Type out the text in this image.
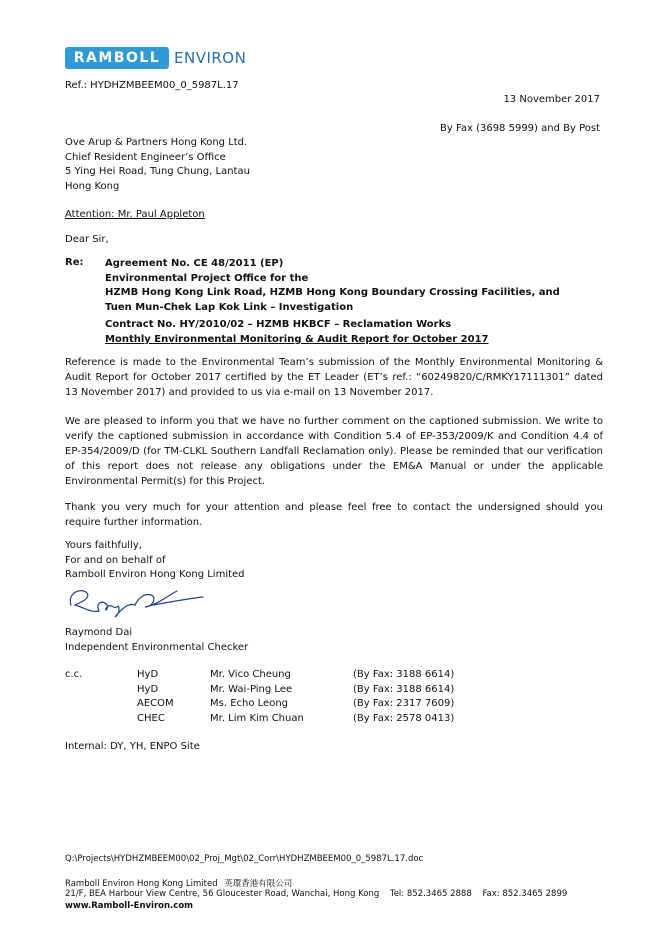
RAMBOLL ENVIRON
Ref.: HYDHZMBEEM00_0_5987L.17
13 November 2017
By Fax (3698 5999) and By Post
Ove Arup & Partners Hong Kong Ltd.
Chief Resident Engineer’s Office
5 Ying Hei Road, Tung Chung, Lantau
Hong Kong
Attention: Mr. Paul Appleton
Dear Sir,
Re: Agreement No. CE 48/2011 (EP)
Environmental Project Office for the
HZMB Hong Kong Link Road, HZMB Hong Kong Boundary Crossing Facilities, and
Tuen Mun-Chek Lap Kok Link – Investigation
Contract No. HY/2010/02 – HZMB HKBCF – Reclamation Works
Monthly Environmental Monitoring & Audit Report for October 2017
Reference is made to the Environmental Team’s submission of the Monthly Environmental Monitoring & Audit Report for October 2017 certified by the ET Leader (ET’s ref.: “60249820/C/RMKY17111301” dated 13 November 2017) and provided to us via e-mail on 13 November 2017.
We are pleased to inform you that we have no further comment on the captioned submission. We write to verify the captioned submission in accordance with Condition 5.4 of EP-353/2009/K and Condition 4.4 of EP-354/2009/D (for TM-CLKL Southern Landfall Reclamation only). Please be reminded that our verification of this report does not release any obligations under the EM&A Manual or under the applicable Environmental Permit(s) for this Project.
Thank you very much for your attention and please feel free to contact the undersigned should you require further information.
Yours faithfully,
For and on behalf of
Ramboll Environ Hong Kong Limited
Raymond Dai
Independent Environmental Checker
c.c.	HyD	Mr. Vico Cheung	(By Fax: 3188 6614)
	HyD	Mr. Wai-Ping Lee	(By Fax: 3188 6614)
	AECOM	Ms. Echo Leong	(By Fax: 2317 7609)
	CHEC	Mr. Lim Kim Chuan	(By Fax: 2578 0413)
Internal: DY, YH, ENPO Site
Q:\Projects\HYDHZMBEEM00\02_Proj_Mgt\02_Corr\HYDHZMBEEM00_0_5987L.17.doc
Ramboll Environ Hong Kong Limited 英環香港有限公司
21/F, BEA Harbour View Centre, 56 Gloucester Road, Wanchai, Hong Kong Tel: 852.3465 2888 Fax: 852.3465 2899
www.Ramboll-Environ.com
